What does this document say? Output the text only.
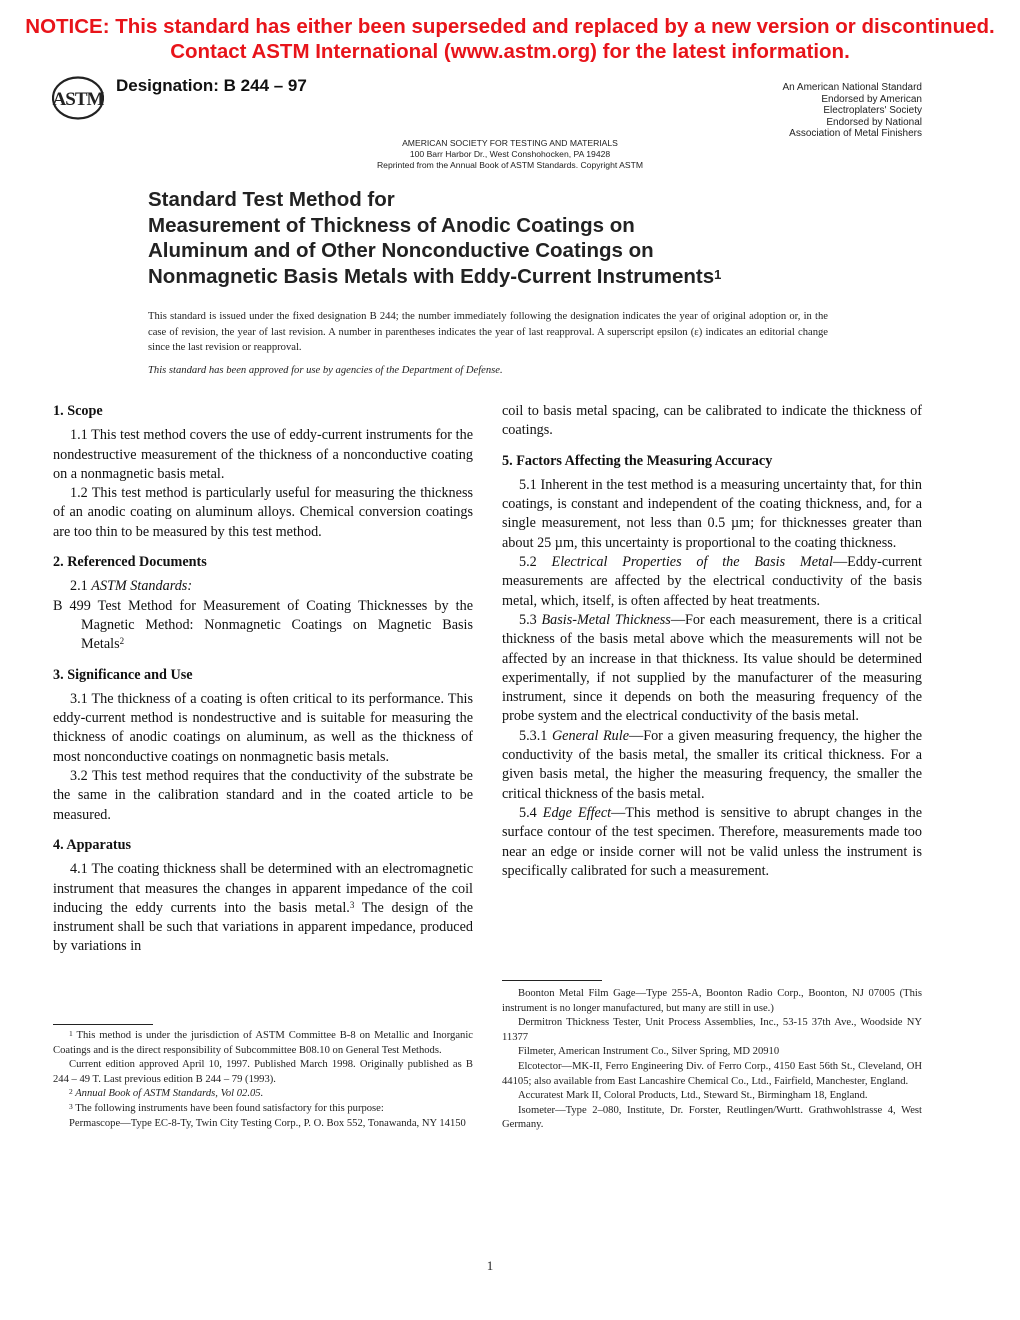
NOTICE: This standard has either been superseded and replaced by a new version or discontinued.
Contact ASTM International (www.astm.org) for the latest information.
ASTM
Designation: B 244 – 97	An American National Standard
Endorsed by American
Electroplaters' Society
Endorsed by National
Association of Metal Finishers
AMERICAN SOCIETY FOR TESTING AND MATERIALS
100 Barr Harbor Dr., West Conshohocken, PA 19428
Reprinted from the Annual Book of ASTM Standards. Copyright ASTM
Standard Test Method for
Measurement of Thickness of Anodic Coatings on
Aluminum and of Other Nonconductive Coatings on
Nonmagnetic Basis Metals with Eddy-Current Instruments$^1$
This standard is issued under the fixed designation B 244; the number immediately following the designation indicates the year of original adoption or, in the case of revision, the year of last revision. A number in parentheses indicates the year of last reapproval. A superscript epsilon (ε) indicates an editorial change since the last revision or reapproval.
This standard has been approved for use by agencies of the Department of Defense.
1. Scope

1.1 This test method covers the use of eddy-current instruments for the nondestructive measurement of the thickness of a nonconductive coating on a nonmagnetic basis metal.

1.2 This test method is particularly useful for measuring the thickness of an anodic coating on aluminum alloys. Chemical conversion coatings are too thin to be measured by this test method.

2. Referenced Documents

2.1 ASTM Standards:

B 499 Test Method for Measurement of Coating Thicknesses by the Magnetic Method: Nonmagnetic Coatings on Magnetic Basis Metals$^2$

3. Significance and Use

3.1 The thickness of a coating is often critical to its performance. This eddy-current method is nondestructive and is suitable for measuring the thickness of anodic coatings on aluminum, as well as the thickness of most nonconductive coatings on nonmagnetic basis metals.

3.2 This test method requires that the conductivity of the substrate be the same in the calibration standard and in the coated article to be measured.

4. Apparatus

4.1 The coating thickness shall be determined with an electromagnetic instrument that measures the changes in apparent impedance of the coil inducing the eddy currents into the basis metal.$^3$ The design of the instrument shall be such that variations in apparent impedance, produced by variations in

$^1$ This method is under the jurisdiction of ASTM Committee B-8 on Metallic and Inorganic Coatings and is the direct responsibility of Subcommittee B08.10 on General Test Methods.

Current edition approved April 10, 1997. Published March 1998. Originally published as B 244 – 49 T. Last previous edition B 244 – 79 (1993).

$^2$ Annual Book of ASTM Standards, Vol 02.05.

$^3$ The following instruments have been found satisfactory for this purpose:

Permascope—Type EC-8-Ty, Twin City Testing Corp., P. O. Box 552, Tonawanda, NY 14150

coil to basis metal spacing, can be calibrated to indicate the thickness of coatings.

5. Factors Affecting the Measuring Accuracy

5.1 Inherent in the test method is a measuring uncertainty that, for thin coatings, is constant and independent of the coating thickness, and, for a single measurement, not less than 0.5 µm; for thicknesses greater than about 25 µm, this uncertainty is proportional to the coating thickness.

5.2 Electrical Properties of the Basis Metal—Eddy-current measurements are affected by the electrical conductivity of the basis metal, which, itself, is often affected by heat treatments.

5.3 Basis-Metal Thickness—For each measurement, there is a critical thickness of the basis metal above which the measurements will not be affected by an increase in that thickness. Its value should be determined experimentally, if not supplied by the manufacturer of the measuring instrument, since it depends on both the measuring frequency of the probe system and the electrical conductivity of the basis metal.

5.3.1 General Rule—For a given measuring frequency, the higher the conductivity of the basis metal, the smaller its critical thickness. For a given basis metal, the higher the measuring frequency, the smaller the critical thickness of the basis metal.

5.4 Edge Effect—This method is sensitive to abrupt changes in the surface contour of the test specimen. Therefore, measurements made too near an edge or inside corner will not be valid unless the instrument is specifically calibrated for such a measurement.

Boonton Metal Film Gage—Type 255-A, Boonton Radio Corp., Boonton, NJ 07005 (This instrument is no longer manufactured, but many are still in use.)

Dermitron Thickness Tester, Unit Process Assemblies, Inc., 53-15 37th Ave., Woodside NY 11377

Filmeter, American Instrument Co., Silver Spring, MD 20910

Elcotector—MK-II, Ferro Engineering Div. of Ferro Corp., 4150 East 56th St., Cleveland, OH 44105; also available from East Lancashire Chemical Co., Ltd., Fairfield, Manchester, England.

Accuratest Mark II, Coloral Products, Ltd., Steward St., Birmingham 18, England.

Isometer—Type 2–080, Institute, Dr. Forster, Reutlingen/Wurtt. Grathwohlstrasse 4, West Germany.

1
